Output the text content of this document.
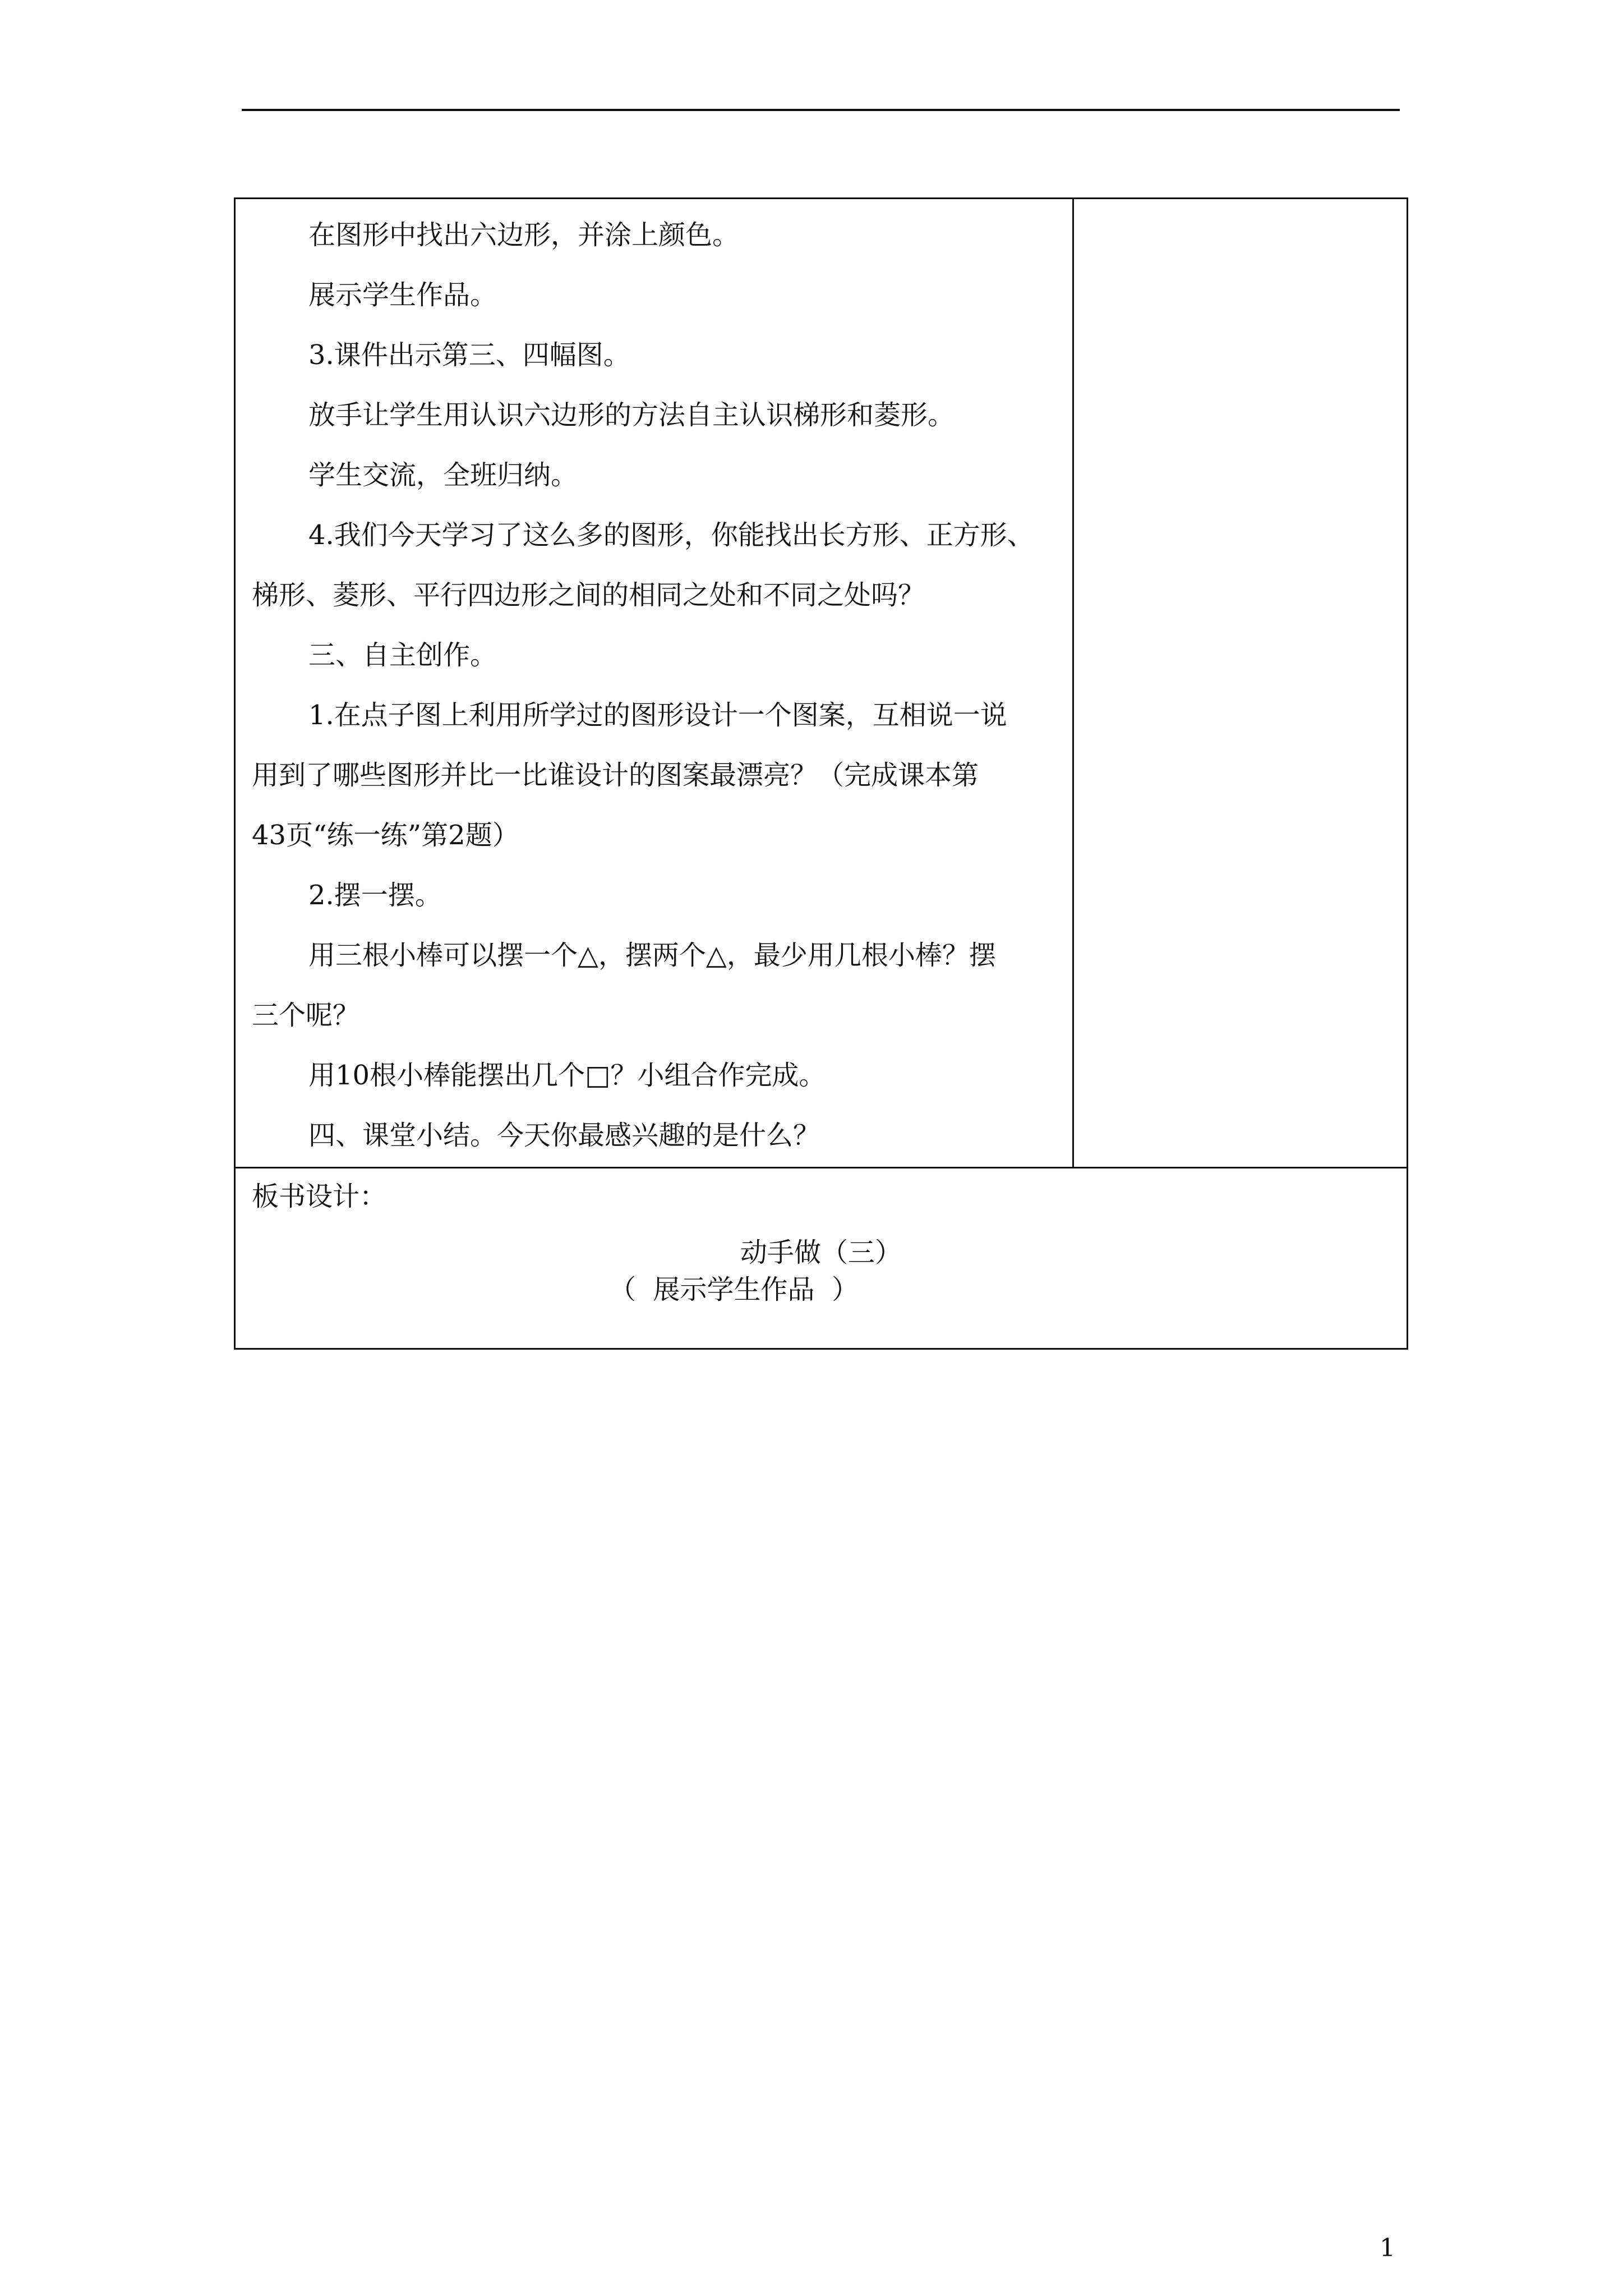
在图形中找出六边形，并涂上颜色。
展示学生作品。
3.课件出示第三、四幅图。
放手让学生用认识六边形的方法自主认识梯形和菱形。
学生交流，全班归纳。
4.我们今天学习了这么多的图形，你能找出长方形、正方形、
梯形、菱形、平行四边形之间的相同之处和不同之处吗？
三、自主创作。
1.在点子图上利用所学过的图形设计一个图案，互相说一说
用到了哪些图形并比一比谁设计的图案最漂亮？（完成课本第
43页“练一练”第2题）
2.摆一摆。
用三根小棒可以摆一个△，摆两个△，最少用几根小棒？摆
三个呢？
用10根小棒能摆出几个□？小组合作完成。
四、课堂小结。今天你最感兴趣的是什么？
板书设计：
动手做（三）
（  展示学生作品  ）
1
